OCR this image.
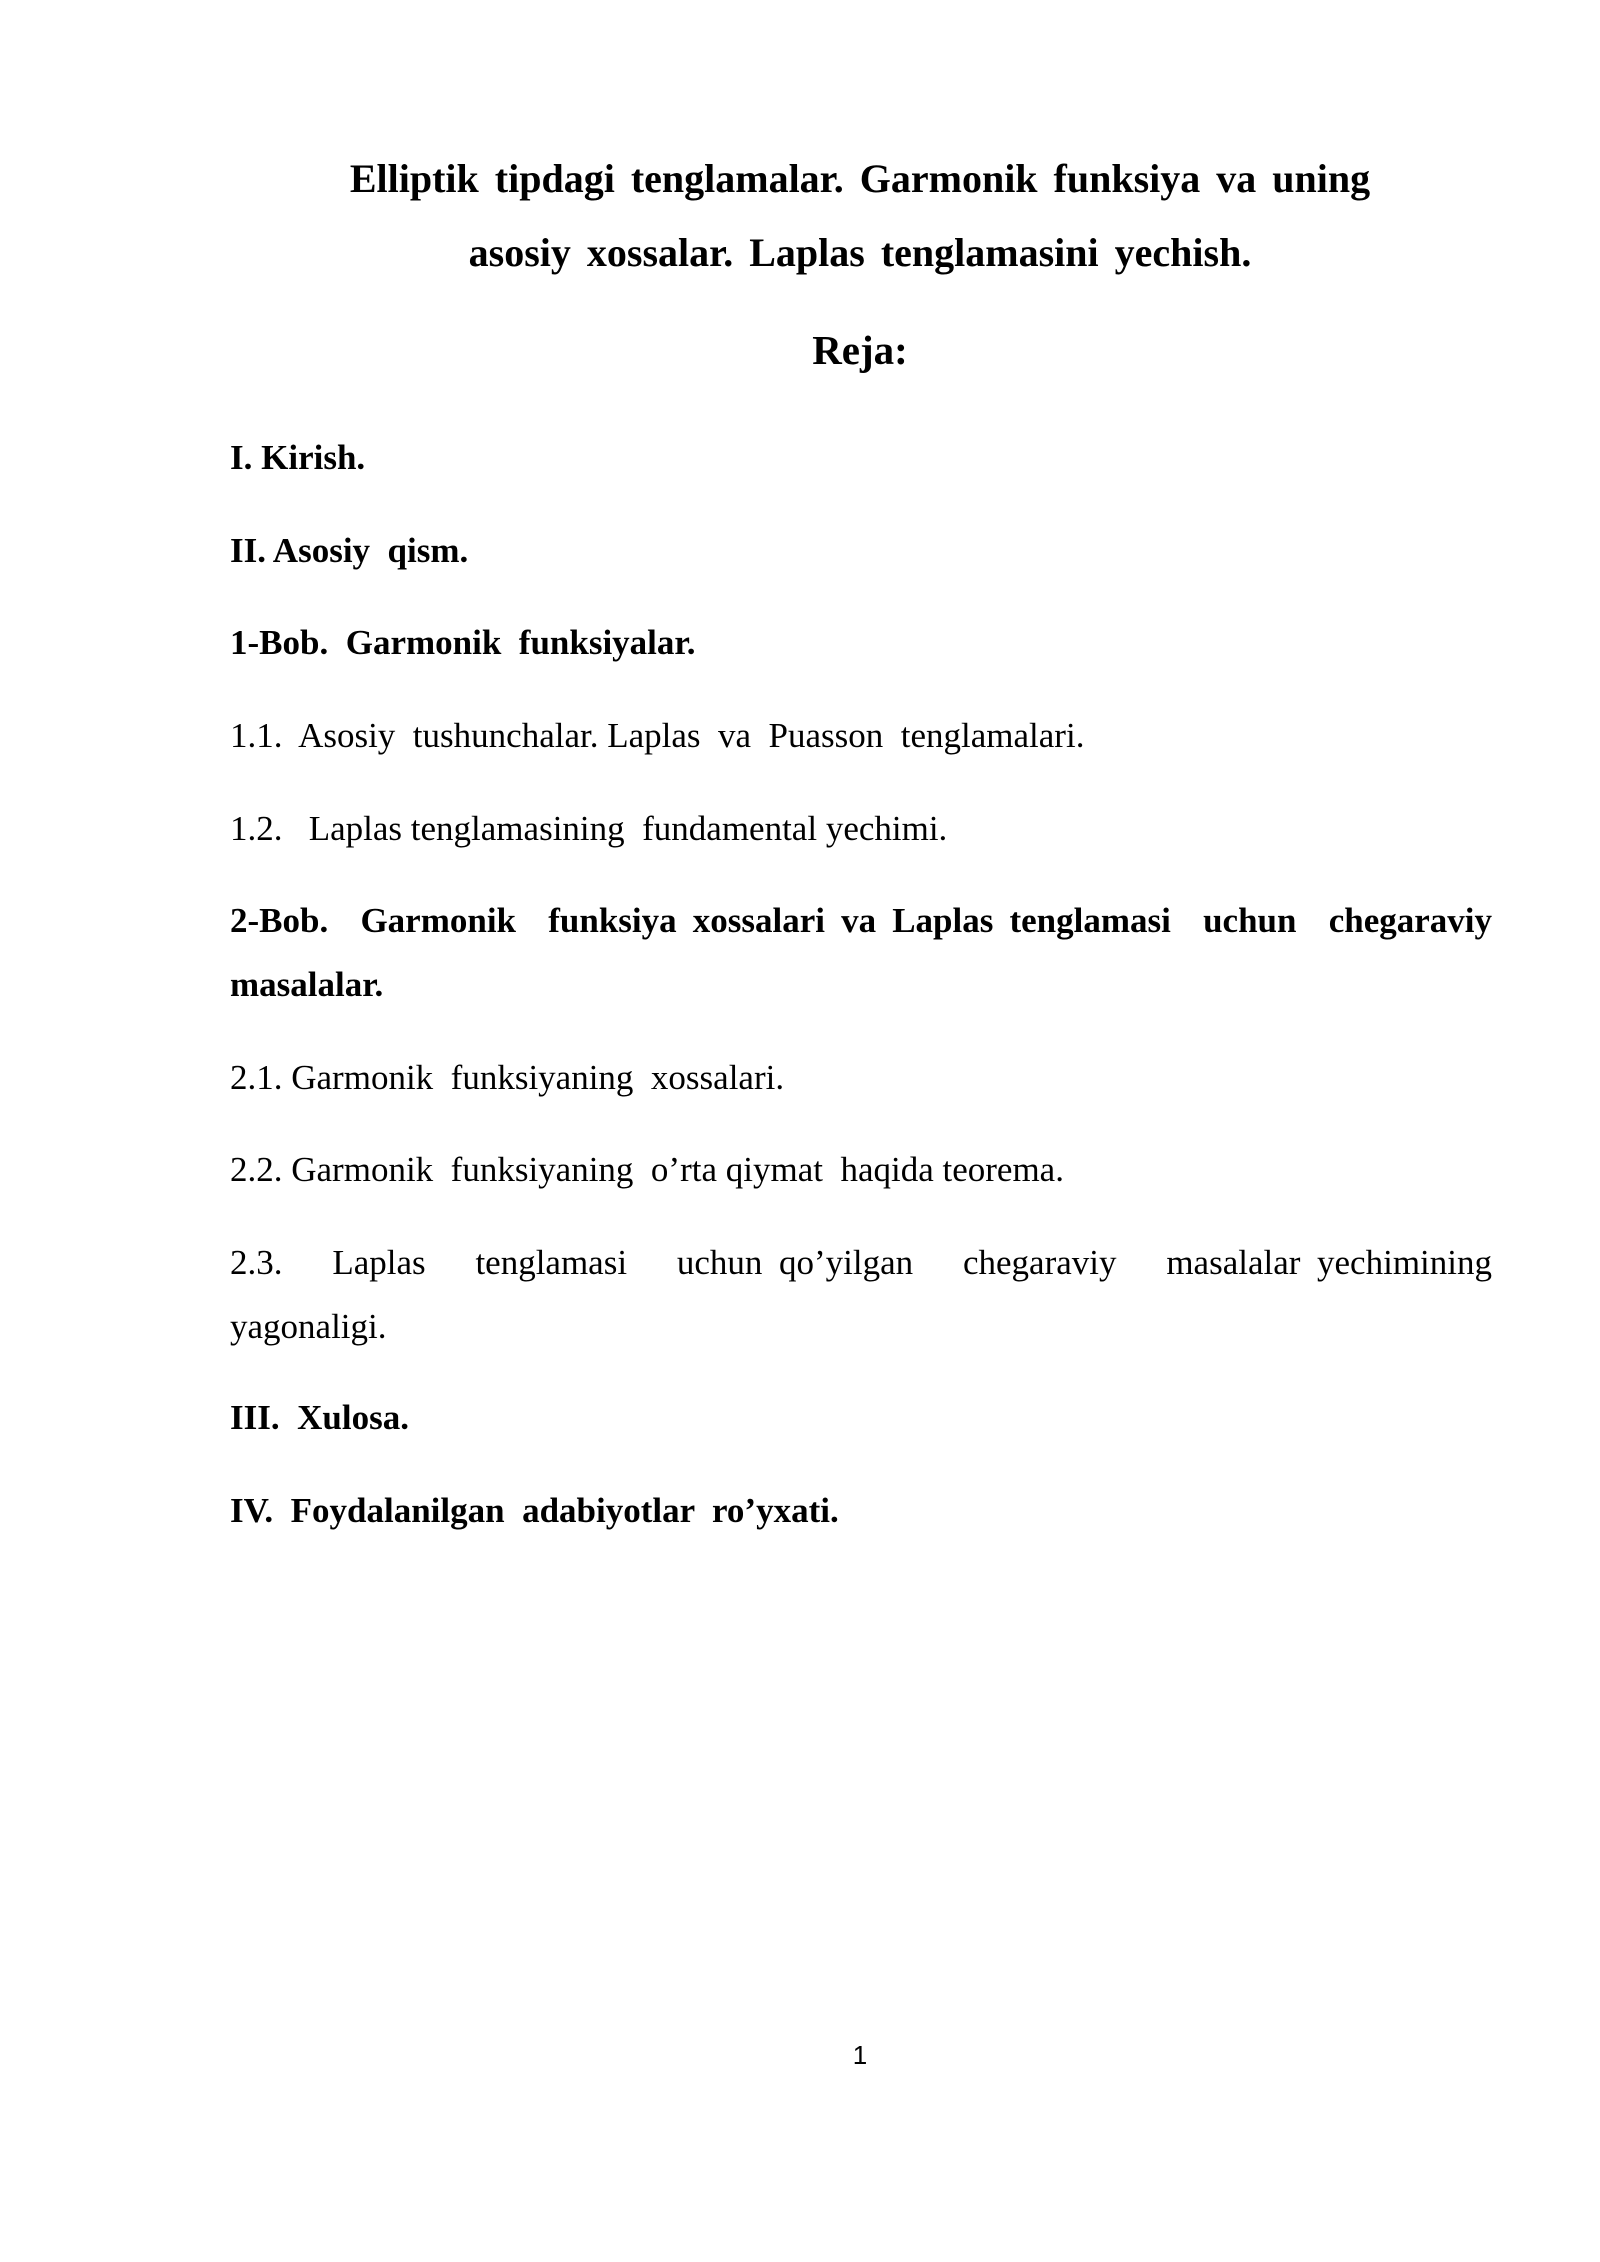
Elliptik tipdagi tenglamalar. Garmonik funksiya va uning
asosiy xossalar. Laplas tenglamasini yechish.
Reja:
I. Kirish.
II. Asosiy  qism.
1-Bob.  Garmonik  funksiyalar.
1.1.  Asosiy  tushunchalar. Laplas  va  Puasson  tenglamalari.
1.2.   Laplas tenglamasining  fundamental yechimi.
2-Bob.  Garmonik  funksiya xossalari va Laplas tenglamasi  uchun  chegaraviy masalalar.
2.1. Garmonik  funksiyaning  xossalari.
2.2. Garmonik  funksiyaning  o’rta qiymat  haqida teorema.
2.3.   Laplas   tenglamasi   uchun qo’yilgan   chegaraviy   masalalar yechimining yagonaligi.
III.  Xulosa.
IV.  Foydalanilgan  adabiyotlar  ro’yxati.
1
